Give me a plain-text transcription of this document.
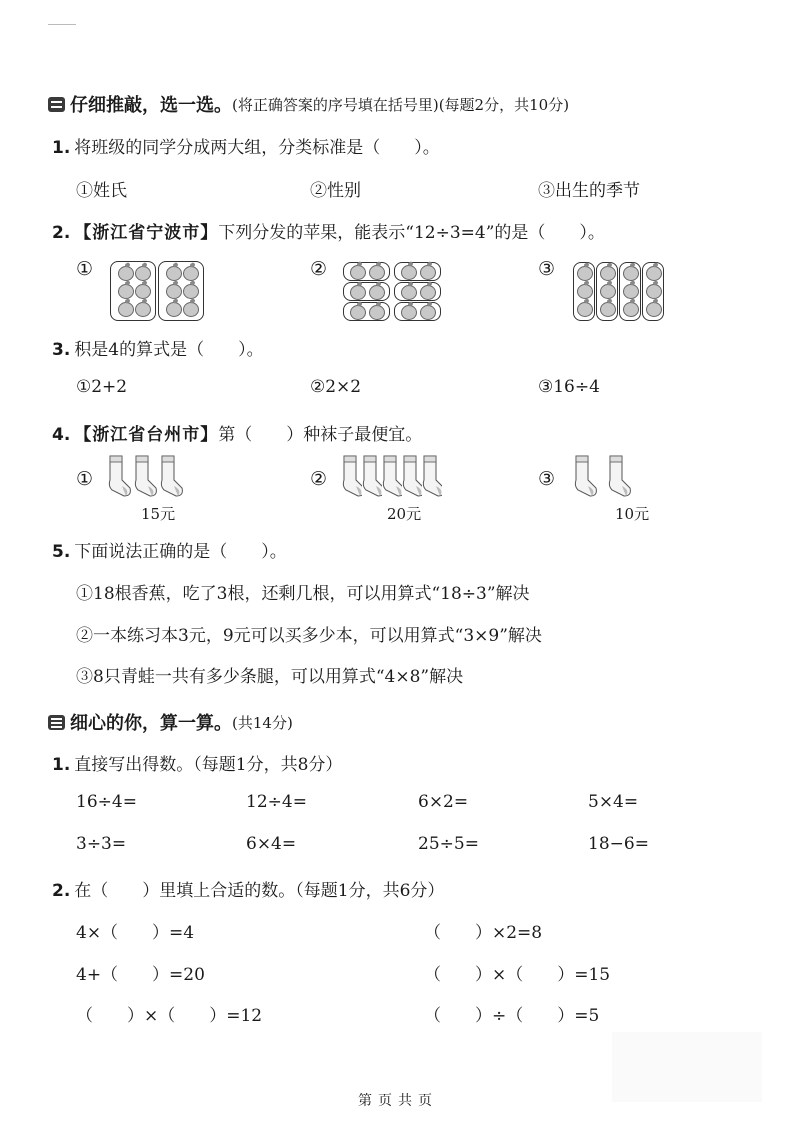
仔细推敲，选一选。 (将正确答案的序号填在括号里)(每题2分，共10分)
1. 将班级的同学分成两大组，分类标准是（　　）。
①姓氏	②性别	③出生的季节
2. 【浙江省宁波市】下列分发的苹果，能表示“12÷3=4”的是（　　）。
①	②	③
3. 积是4的算式是（　　）。
①2+2	②2×2	③16÷4
4. 【浙江省台州市】第（　　）种袜子最便宜。
①	②	③
15元	20元	10元
5. 下面说法正确的是（　　）。
①18根香蕉，吃了3根，还剩几根，可以用算式“18÷3”解决
②一本练习本3元，9元可以买多少本，可以用算式“3×9”解决
③8只青蛙一共有多少条腿，可以用算式“4×8”解决
细心的你，算一算。 (共14分)
1. 直接写出得数。（每题1分，共8分）
16÷4=	12÷4=	6×2=	5×4=
3÷3=	6×4=	25÷5=	18−6=
2. 在（　　）里填上合适的数。（每题1分，共6分）
4×（　　）=4	（　　）×2=8
4+（　　）=20	（　　）×（　　）=15
（　　）×（　　）=12	（　　）÷（　　）=5
第页共页
